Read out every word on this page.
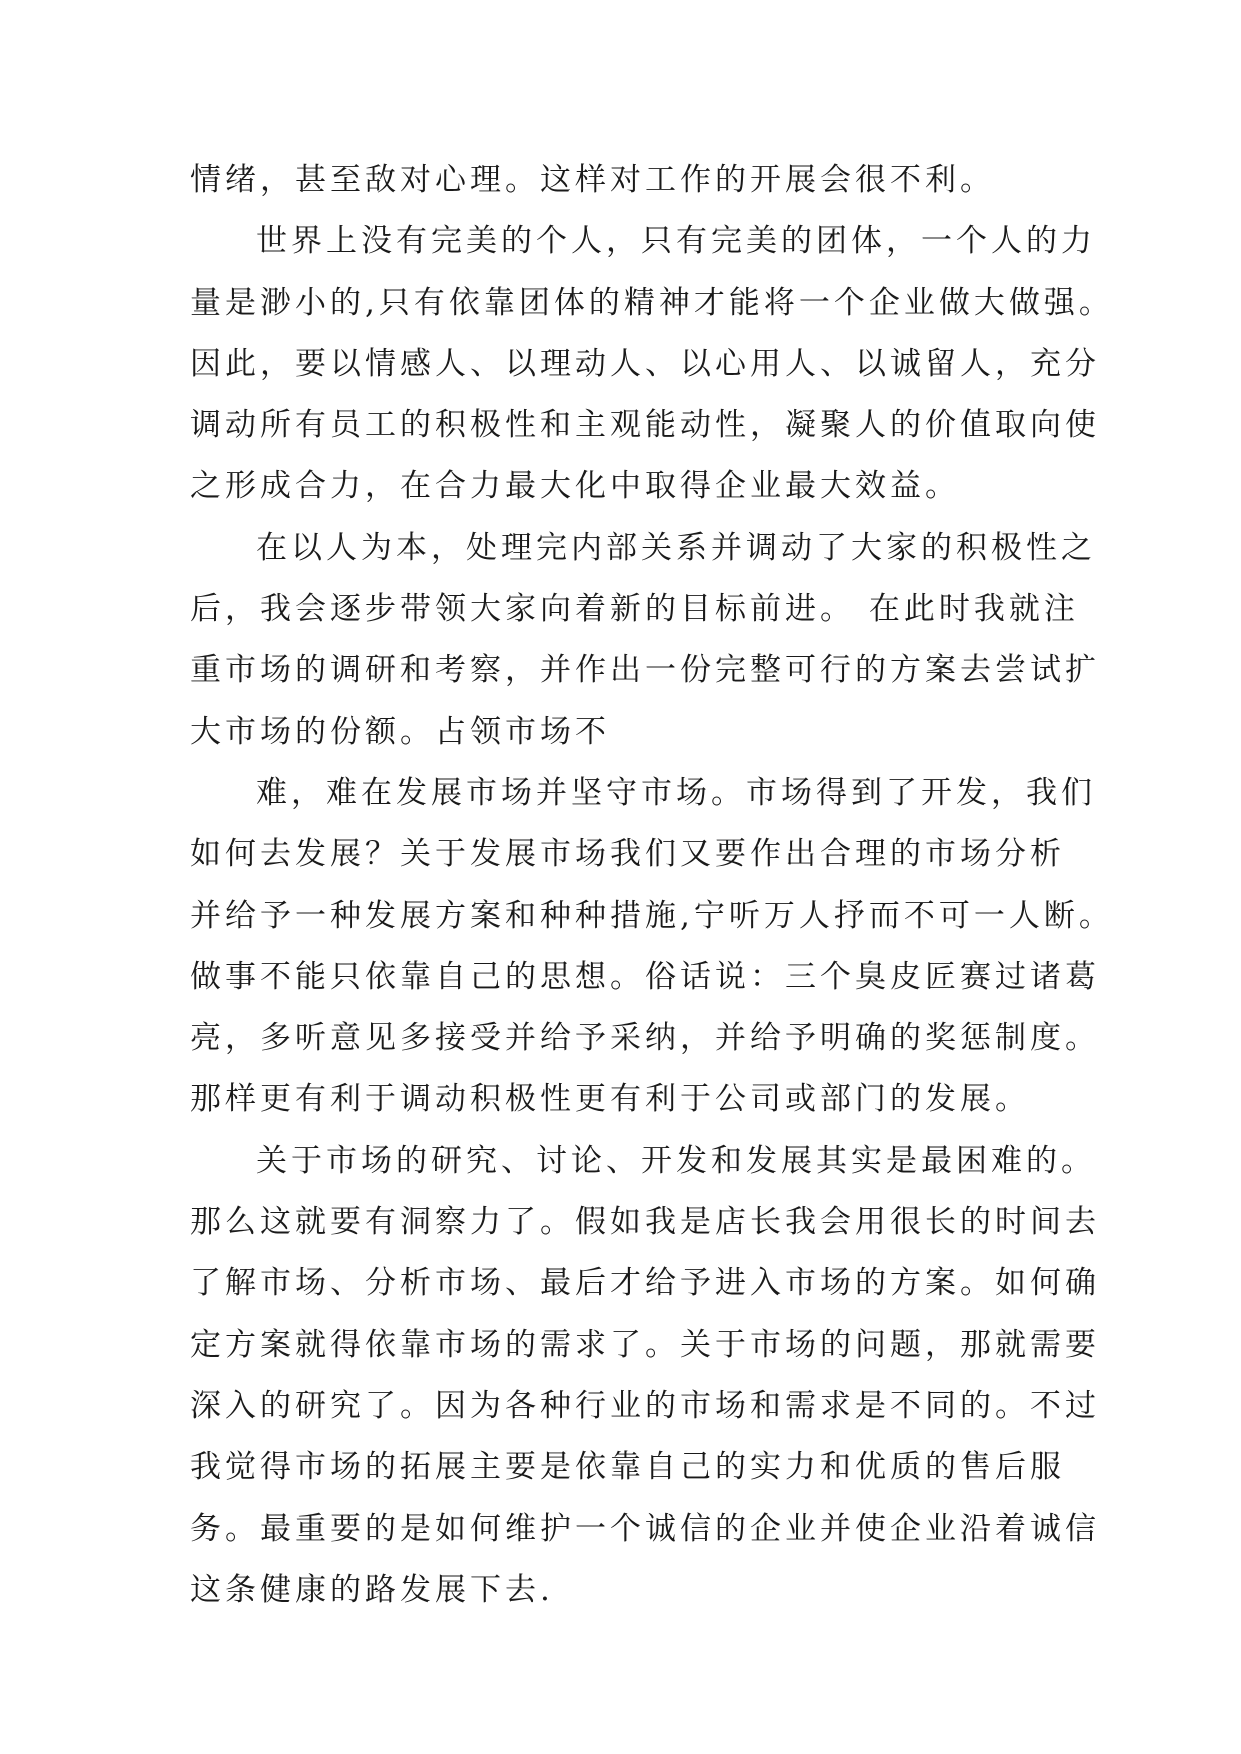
情绪，甚至敌对心理。这样对工作的开展会很不利。
世界上没有完美的个人，只有完美的团体，一个人的力
量是渺小的,只有依靠团体的精神才能将一个企业做大做强。
因此，要以情感人、以理动人、以心用人、以诚留人，充分
调动所有员工的积极性和主观能动性，凝聚人的价值取向使
之形成合力，在合力最大化中取得企业最大效益。
在以人为本，处理完内部关系并调动了大家的积极性之
后，我会逐步带领大家向着新的目标前进。 在此时我就注
重市场的调研和考察，并作出一份完整可行的方案去尝试扩
大市场的份额。占领市场不
难，难在发展市场并坚守市场。市场得到了开发，我们
如何去发展？关于发展市场我们又要作出合理的市场分析
并给予一种发展方案和种种措施,宁听万人抒而不可一人断。
做事不能只依靠自己的思想。俗话说：三个臭皮匠赛过诸葛
亮，多听意见多接受并给予采纳，并给予明确的奖惩制度。
那样更有利于调动积极性更有利于公司或部门的发展。
关于市场的研究、讨论、开发和发展其实是最困难的。
那么这就要有洞察力了。假如我是店长我会用很长的时间去
了解市场、分析市场、最后才给予进入市场的方案。如何确
定方案就得依靠市场的需求了。关于市场的问题，那就需要
深入的研究了。因为各种行业的市场和需求是不同的。不过
我觉得市场的拓展主要是依靠自己的实力和优质的售后服
务。最重要的是如何维护一个诚信的企业并使企业沿着诚信
这条健康的路发展下去.
